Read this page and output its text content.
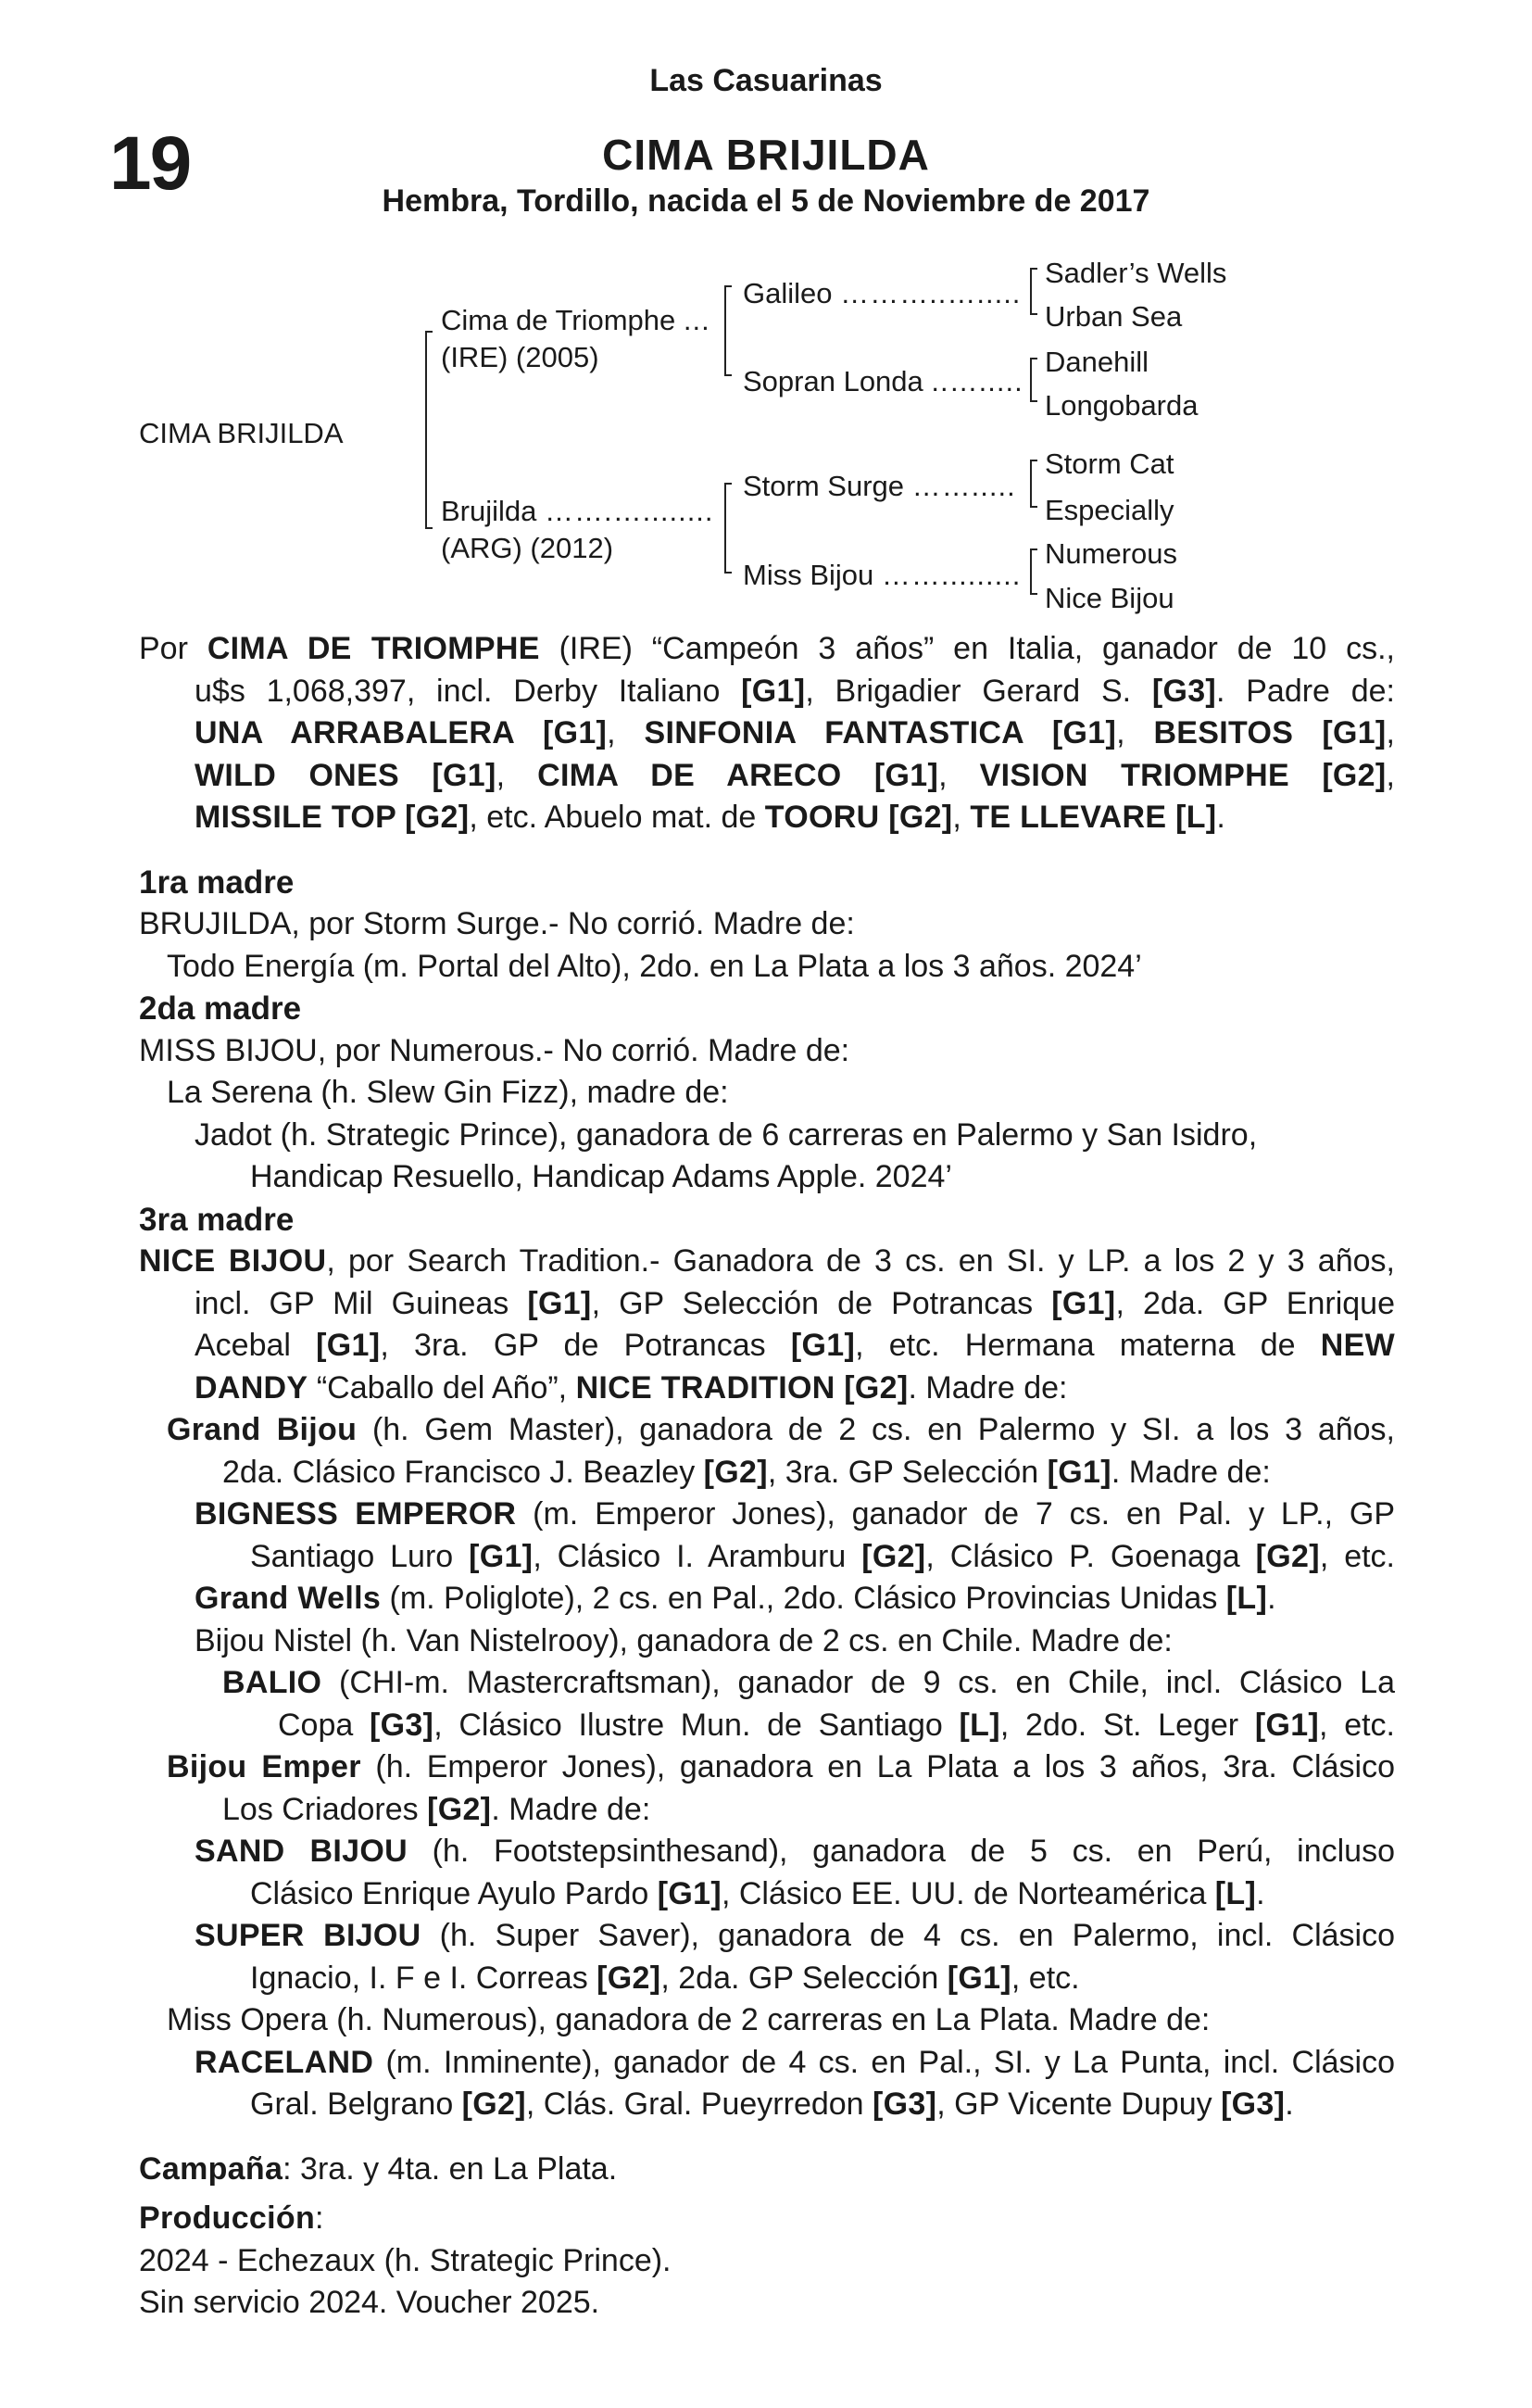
Las Casuarinas
19	CIMA BRIJILDA
Hembra, Tordillo, nacida el 5 de Noviembre de 2017
CIMA BRIJILDA
Cima de Triomphe ...
(IRE) (2005)
Brujilda …….…........
(ARG) (2012)
Galileo ………..….....
Sopran Londa ..….....
Storm Surge …….....
Miss Bijou …….........
Sadler’s Wells
Urban Sea
Danehill
Longobarda
Storm Cat
Especially
Numerous
Nice Bijou

Por CIMA DE TRIOMPHE (IRE) “Campeón 3 años” en Italia, ganador de 10 cs.,

u$s 1,068,397, incl. Derby Italiano [G1], Brigadier Gerard S. [G3]. Padre de:

UNA ARRABALERA [G1], SINFONIA FANTASTICA [G1], BESITOS [G1],

WILD ONES [G1], CIMA DE ARECO [G1], VISION TRIOMPHE [G2],

MISSILE TOP [G2], etc. Abuelo mat. de TOORU [G2], TE LLEVARE [L].

1ra madre

BRUJILDA, por Storm Surge.- No corrió. Madre de:

Todo Energía (m. Portal del Alto), 2do. en La Plata a los 3 años. 2024’

2da madre

MISS BIJOU, por Numerous.- No corrió. Madre de:

La Serena (h. Slew Gin Fizz), madre de:

Jadot (h. Strategic Prince), ganadora de 6 carreras en Palermo y San Isidro,

Handicap Resuello, Handicap Adams Apple. 2024’

3ra madre

NICE BIJOU, por Search Tradition.- Ganadora de 3 cs. en SI. y LP. a los 2 y 3 años,

incl. GP Mil Guineas [G1], GP Selección de Potrancas [G1], 2da. GP Enrique

Acebal [G1], 3ra. GP de Potrancas [G1], etc. Hermana materna de NEW

DANDY “Caballo del Año”, NICE TRADITION [G2]. Madre de:

Grand Bijou (h. Gem Master), ganadora de 2 cs. en Palermo y SI. a los 3 años,

2da. Clásico Francisco J. Beazley [G2], 3ra. GP Selección [G1]. Madre de:

BIGNESS EMPEROR (m. Emperor Jones), ganador de 7 cs. en Pal. y LP., GP

Santiago Luro [G1], Clásico I. Aramburu [G2], Clásico P. Goenaga [G2], etc.

Grand Wells (m. Poliglote), 2 cs. en Pal., 2do. Clásico Provincias Unidas [L].

Bijou Nistel (h. Van Nistelrooy), ganadora de 2 cs. en Chile. Madre de:

BALIO (CHI-m. Mastercraftsman), ganador de 9 cs. en Chile, incl. Clásico La

Copa [G3], Clásico Ilustre Mun. de Santiago [L], 2do. St. Leger [G1], etc.

Bijou Emper (h. Emperor Jones), ganadora en La Plata a los 3 años, 3ra. Clásico

Los Criadores [G2]. Madre de:

SAND BIJOU (h. Footstepsinthesand), ganadora de 5 cs. en Perú, incluso

Clásico Enrique Ayulo Pardo [G1], Clásico EE. UU. de Norteamérica [L].

SUPER BIJOU (h. Super Saver), ganadora de 4 cs. en Palermo, incl. Clásico

Ignacio, I. F e I. Correas [G2], 2da. GP Selección [G1], etc.

Miss Opera (h. Numerous), ganadora de 2 carreras en La Plata. Madre de:

RACELAND (m. Inminente), ganador de 4 cs. en Pal., SI. y La Punta, incl. Clásico

Gral. Belgrano [G2], Clás. Gral. Pueyrredon [G3], GP Vicente Dupuy [G3].

Campaña: 3ra. y 4ta. en La Plata.

Producción:

2024 - Echezaux (h. Strategic Prince).

Sin servicio 2024. Voucher 2025.
